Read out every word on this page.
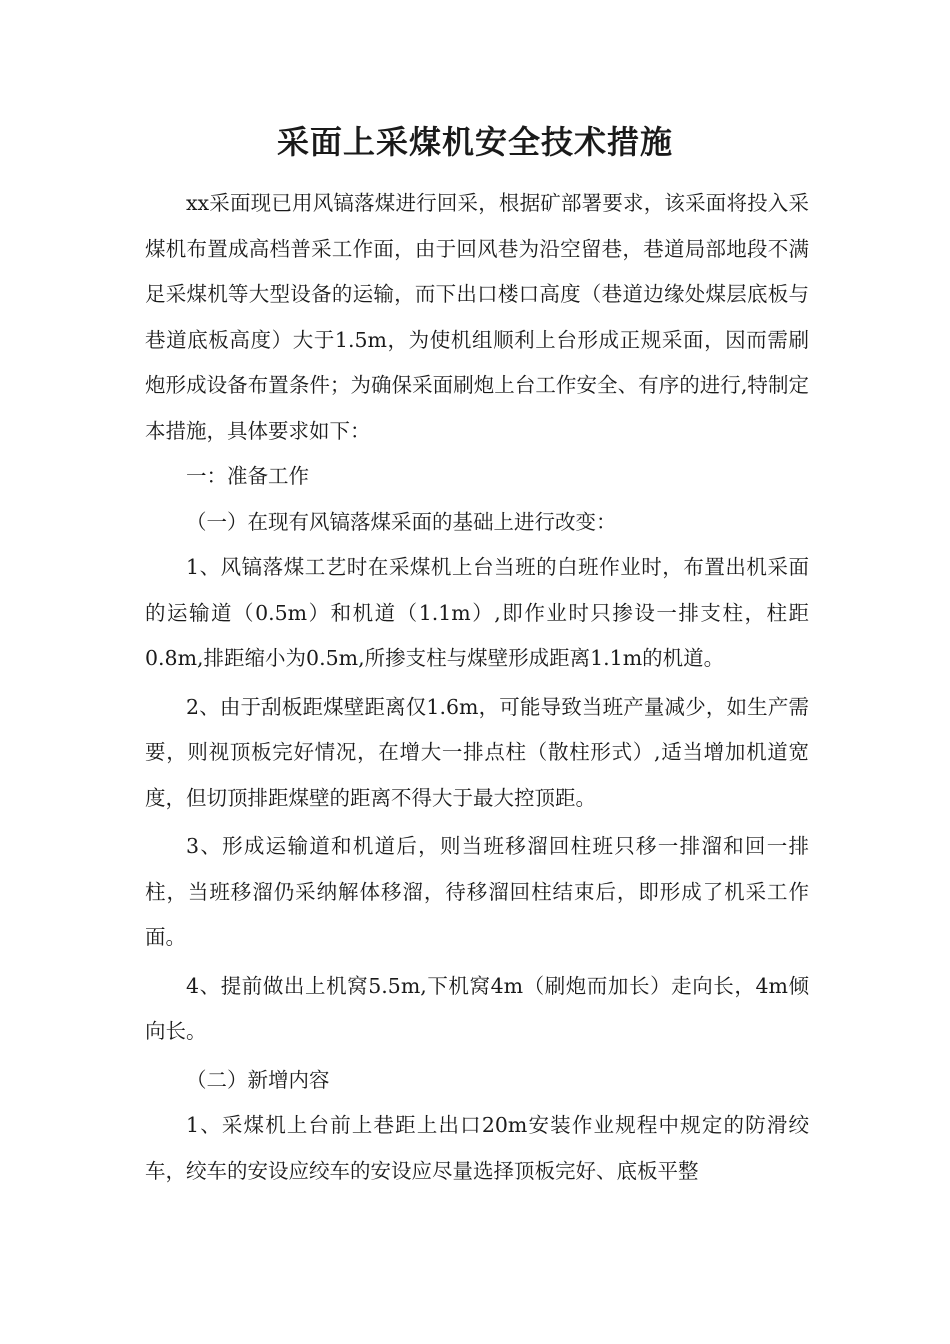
采面上采煤机安全技术措施

xx采面现已用风镐落煤进行回采，根据矿部署要求，该采面将投入采煤机布置成高档普采工作面，由于回风巷为沿空留巷，巷道局部地段不满足采煤机等大型设备的运输，而下出口楼口高度（巷道边缘处煤层底板与巷道底板高度）大于1.5m，为使机组顺利上台形成正规采面，因而需刷炮形成设备布置条件；为确保采面刷炮上台工作安全、有序的进行,特制定本措施，具体要求如下：

一：准备工作

（一）在现有风镐落煤采面的基础上进行改变：

1、风镐落煤工艺时在采煤机上台当班的白班作业时，布置出机采面的运输道（0.5m）和机道（1.1m）,即作业时只掺设一排支柱，柱距0.8m,排距缩小为0.5m,所掺支柱与煤壁形成距离1.1m的机道。

2、由于刮板距煤壁距离仅1.6m，可能导致当班产量减少，如生产需要，则视顶板完好情况，在增大一排点柱（散柱形式）,适当增加机道宽度，但切顶排距煤壁的距离不得大于最大控顶距。

3、形成运输道和机道后，则当班移溜回柱班只移一排溜和回一排柱，当班移溜仍采纳解体移溜，待移溜回柱结束后，即形成了机采工作面。

4、提前做出上机窝5.5m,下机窝4m（刷炮而加长）走向长，4m倾向长。

（二）新增内容

1、采煤机上台前上巷距上出口20m安装作业规程中规定的防滑绞车，绞车的安设应绞车的安设应尽量选择顶板完好、底板平整
